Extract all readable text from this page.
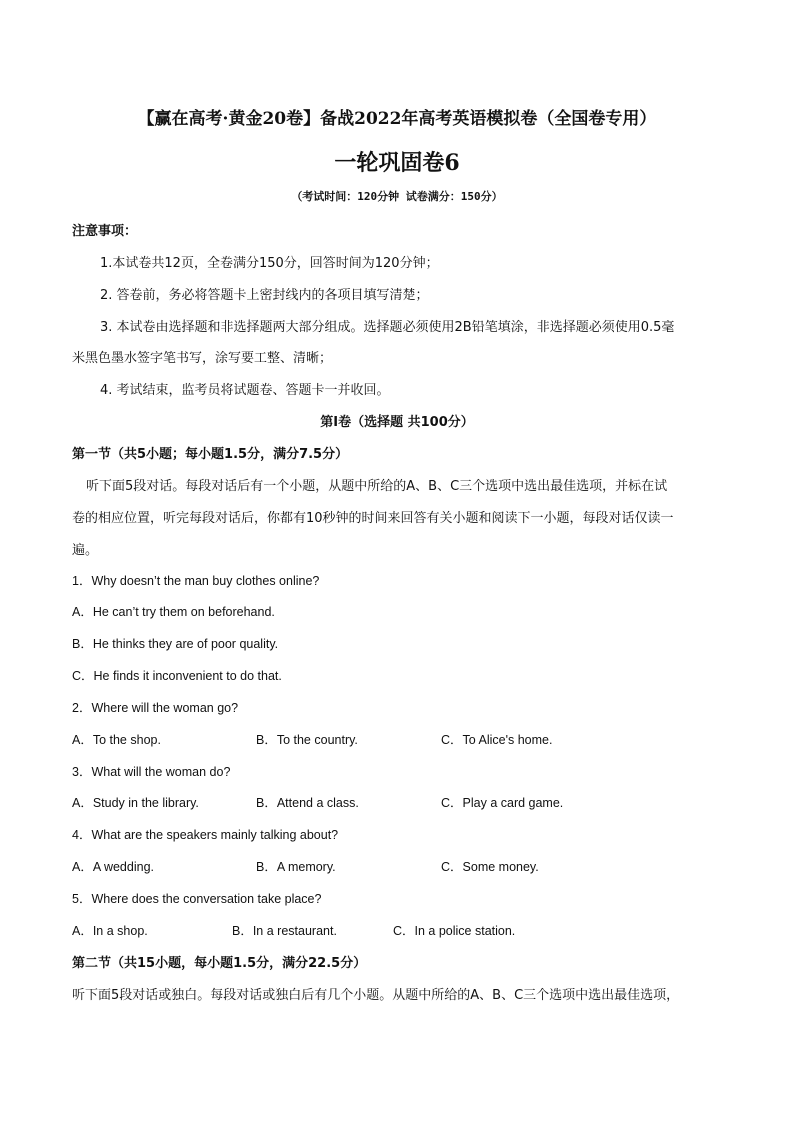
【赢在高考·黄金20卷】备战2022年高考英语模拟卷（全国卷专用）
一轮巩固卷6
（考试时间：120分钟 试卷满分：150分）
注意事项：
1.本试卷共12页，全卷满分150分，回答时间为120分钟；
2. 答卷前，务必将答题卡上密封线内的各项目填写清楚；
3. 本试卷由选择题和非选择题两大部分组成。选择题必须使用2B铅笔填涂，非选择题必须使用0.5毫
米黑色墨水签字笔书写，涂写要工整、清晰；
4. 考试结束，监考员将试题卷、答题卡一并收回。
第I卷（选择题 共100分）
第一节（共5小题；每小题1.5分，满分7.5分）
听下面5段对话。每段对话后有一个小题，从题中所给的A、B、C三个选项中选出最佳选项，并标在试
卷的相应位置，听完每段对话后，你都有10秒钟的时间来回答有关小题和阅读下一小题，每段对话仅读一
遍。
1．Why doesn’t the man buy clothes online?
A．He can’t try them on beforehand.
B．He thinks they are of poor quality.
C．He finds it inconvenient to do that.
2．Where will the woman go?
A．To the shop.	B．To the country.	C．To Alice's home.
3．What will the woman do?
A．Study in the library.	B．Attend a class.	C．Play a card game.
4．What are the speakers mainly talking about?
A．A wedding.	B．A memory.	C．Some money.
5．Where does the conversation take place?
A．In a shop.	B．In a restaurant.	C．In a police station.
第二节（共15小题，每小题1.5分，满分22.5分）
听下面5段对话或独白。每段对话或独白后有几个小题。从题中所给的A、B、C三个选项中选出最佳选项，
